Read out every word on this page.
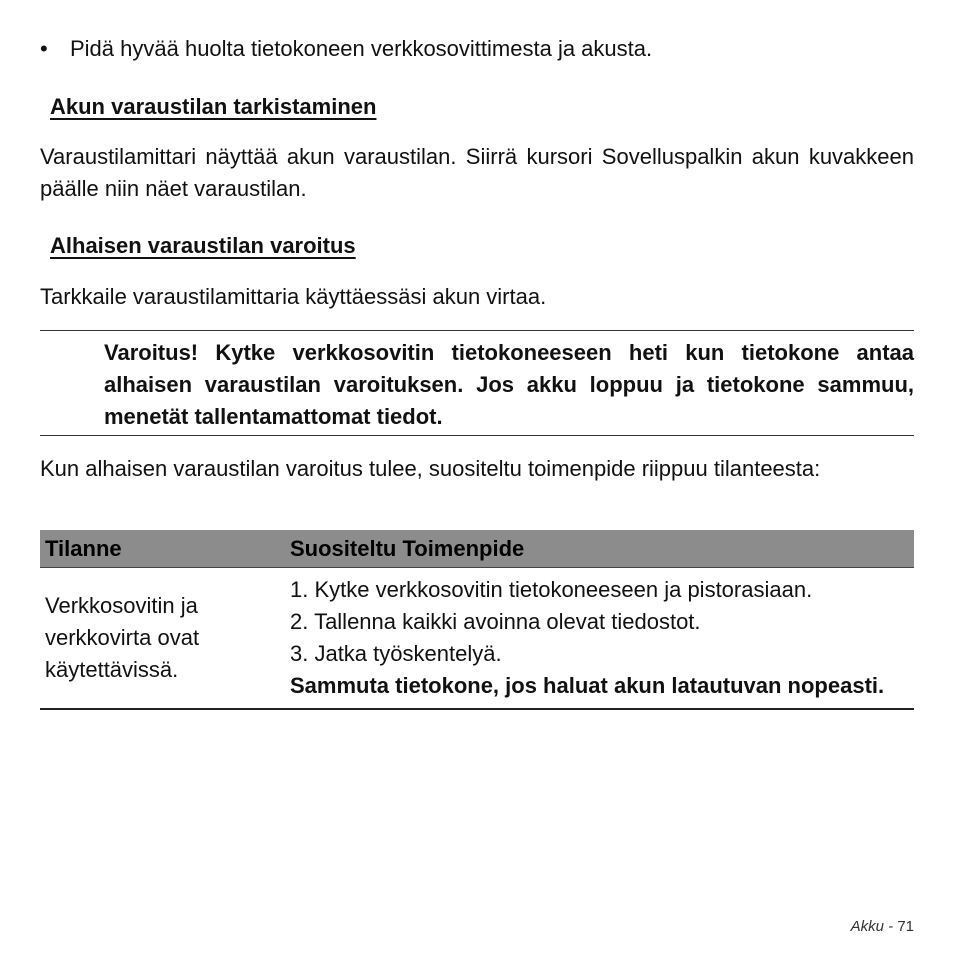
• Pidä hyvää huolta tietokoneen verkkosovittimesta ja akusta.
Akun varaustilan tarkistaminen
Varaustilamittari näyttää akun varaustilan. Siirrä kursori Sovelluspalkin akun kuvakkeen päälle niin näet varaustilan.
Alhaisen varaustilan varoitus
Tarkkaile varaustilamittaria käyttäessäsi akun virtaa.
Varoitus! Kytke verkkosovitin tietokoneeseen heti kun tietokone antaa alhaisen varaustilan varoituksen. Jos akku loppuu ja tietokone sammuu, menetät tallentamattomat tiedot.
Kun alhaisen varaustilan varoitus tulee, suositeltu toimenpide riippuu tilanteesta:
Tilanne	Suositeltu Toimenpide
Verkkosovitin ja verkkovirta ovat käytettävissä.	1. Kytke verkkosovitin tietokoneeseen ja pistorasiaan.
2. Tallenna kaikki avoinna olevat tiedostot.
3. Jatka työskentelyä.
Sammuta tietokone, jos haluat akun latautuvan nopeasti.
Akku - 71
